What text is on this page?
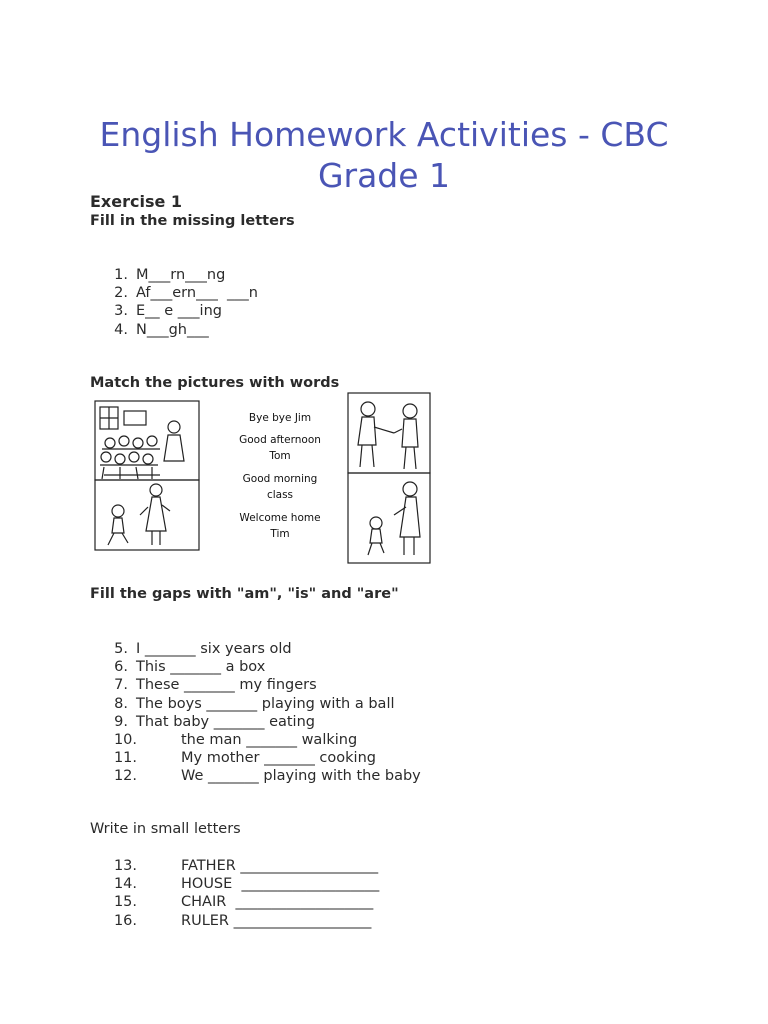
English Homework Activities - CBC
Grade 1
Exercise 1
Fill in the missing letters
1. M___rn___ng
2. Af___ern___  ___n
3. E__ e ___ing
4. N___gh___
Match the pictures with words
Bye bye Jim
Good afternoon
Tom
Good morning
class
Welcome home
Tim
Fill the gaps with "am", "is" and "are"
5. I _______ six years old
6. This _______ a box
7. These _______ my fingers
8. The boys _______ playing with a ball
9. That baby _______ eating
10.	the man _______ walking
11.	My mother _______ cooking
12.	We _______ playing with the baby
Write in small letters
13.	FATHER ___________________
14.	HOUSE  ___________________
15.	CHAIR  ___________________
16.	RULER ___________________
